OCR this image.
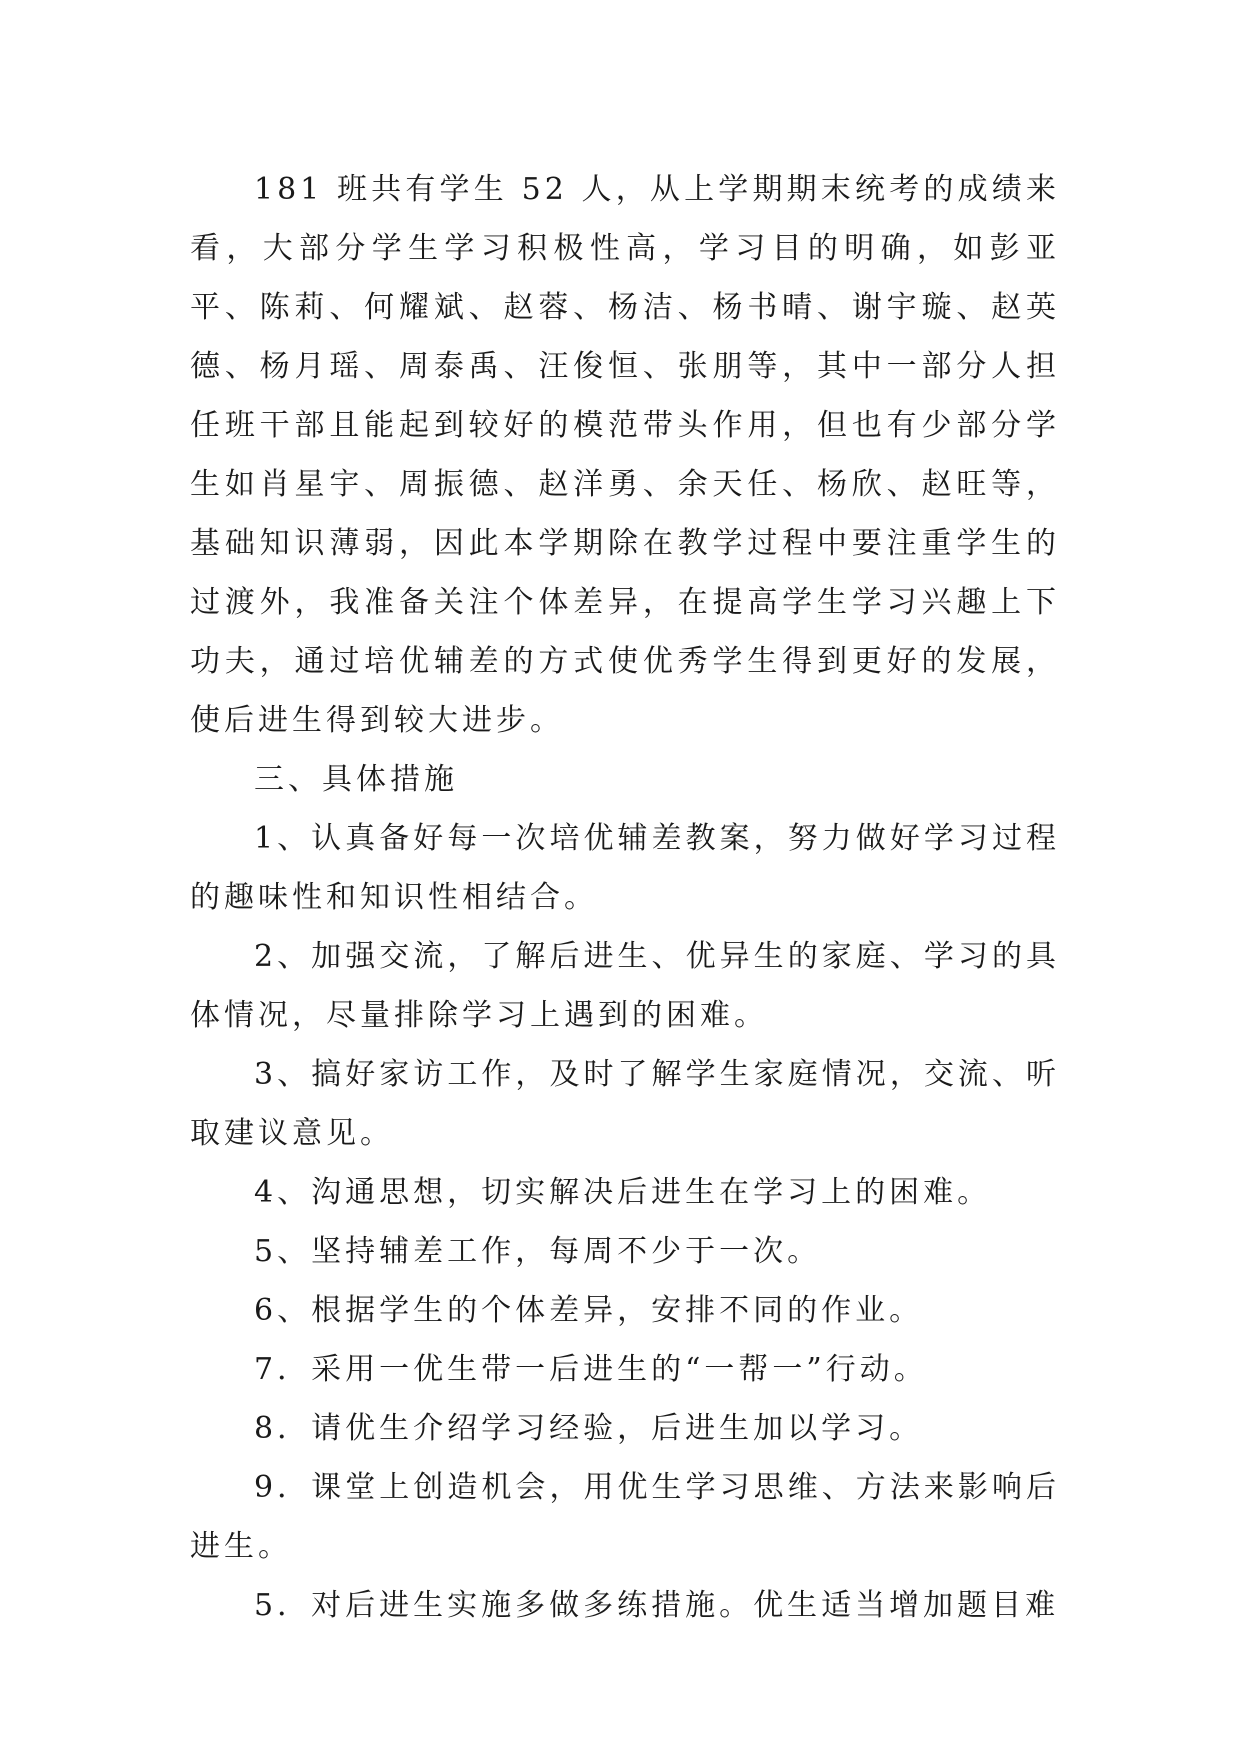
181 班共有学生 52 人，从上学期期末统考的成绩来看，大部分学生学习积极性高，学习目的明确，如彭亚平、陈莉、何耀斌、赵蓉、杨洁、杨书晴、谢宇璇、赵英德、杨月瑶、周泰禹、汪俊恒、张朋等，其中一部分人担任班干部且能起到较好的模范带头作用，但也有少部分学生如肖星宇、周振德、赵洋勇、余天任、杨欣、赵旺等，基础知识薄弱，因此本学期除在教学过程中要注重学生的过渡外，我准备关注个体差异，在提高学生学习兴趣上下功夫，通过培优辅差的方式使优秀学生得到更好的发展，使后进生得到较大进步。

三、具体措施

1、认真备好每一次培优辅差教案，努力做好学习过程的趣味性和知识性相结合。

2、加强交流，了解后进生、优异生的家庭、学习的具体情况，尽量排除学习上遇到的困难。

3、搞好家访工作，及时了解学生家庭情况，交流、听取建议意见。

4、沟通思想，切实解决后进生在学习上的困难。

5、坚持辅差工作，每周不少于一次。

6、根据学生的个体差异，安排不同的作业。

7．采用一优生带一后进生的“一帮一”行动。

8．请优生介绍学习经验，后进生加以学习。

9．课堂上创造机会，用优生学习思维、方法来影响后进生。

5．对后进生实施多做多练措施。优生适当增加题目难
